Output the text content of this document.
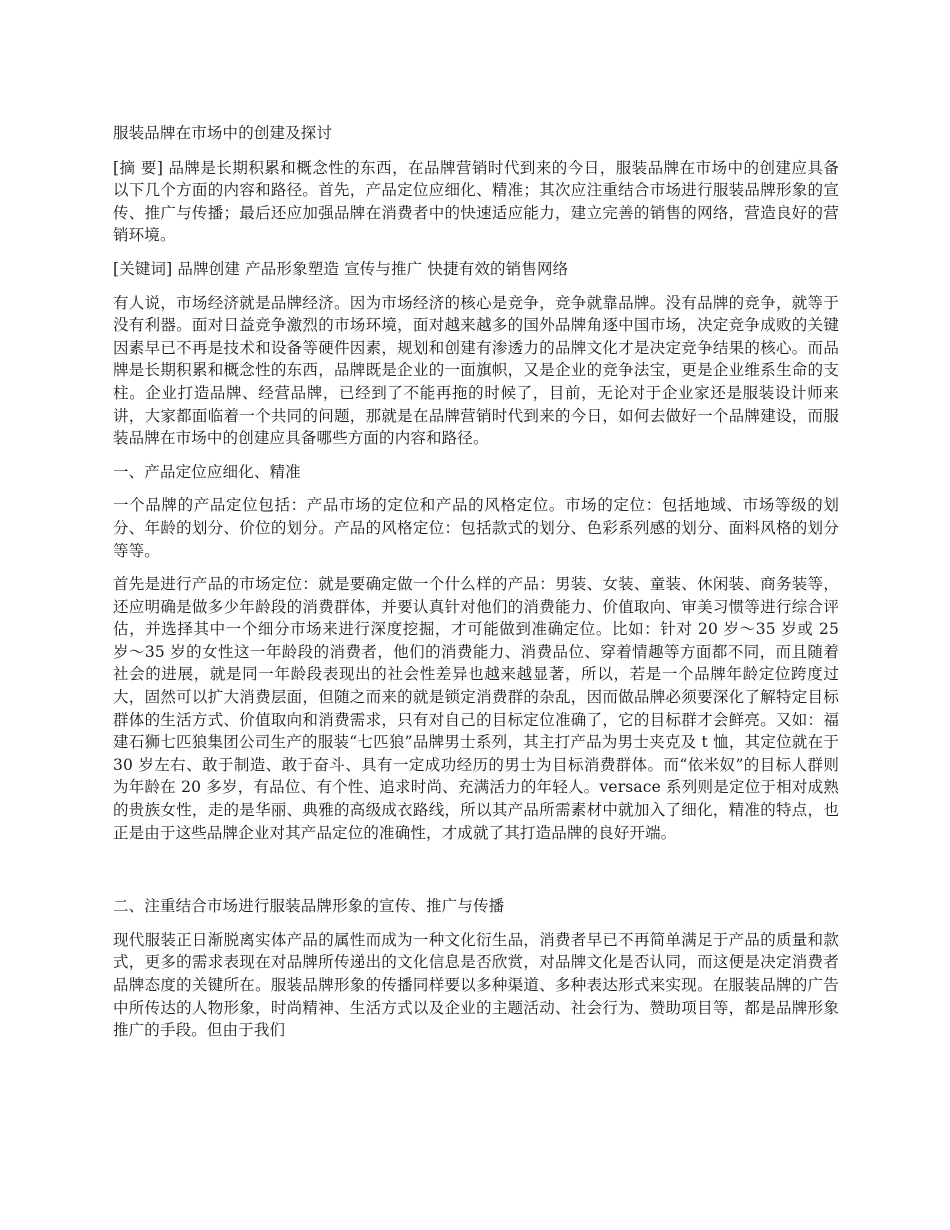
服装品牌在市场中的创建及探讨

[摘 要] 品牌是长期积累和概念性的东西，在品牌营销时代到来的今日，服装品牌在市场中的创建应具备以下几个方面的内容和路径。首先，产品定位应细化、精准；其次应注重结合市场进行服装品牌形象的宣传、推广与传播；最后还应加强品牌在消费者中的快速适应能力，建立完善的销售的网络，营造良好的营销环境。

[关键词] 品牌创建 产品形象塑造 宣传与推广 快捷有效的销售网络

有人说，市场经济就是品牌经济。因为市场经济的核心是竞争，竞争就靠品牌。没有品牌的竞争，就等于没有利器。面对日益竞争激烈的市场环境，面对越来越多的国外品牌角逐中国市场，决定竞争成败的关键因素早已不再是技术和设备等硬件因素，规划和创建有渗透力的品牌文化才是决定竞争结果的核心。而品牌是长期积累和概念性的东西，品牌既是企业的一面旗帜，又是企业的竞争法宝，更是企业维系生命的支柱。企业打造品牌、经营品牌，已经到了不能再拖的时候了，目前，无论对于企业家还是服装设计师来讲，大家都面临着一个共同的问题，那就是在品牌营销时代到来的今日，如何去做好一个品牌建设，而服装品牌在市场中的创建应具备哪些方面的内容和路径。

一、产品定位应细化、精准

一个品牌的产品定位包括：产品市场的定位和产品的风格定位。市场的定位：包括地域、市场等级的划分、年龄的划分、价位的划分。产品的风格定位：包括款式的划分、色彩系列感的划分、面料风格的划分等等。

首先是进行产品的市场定位：就是要确定做一个什么样的产品：男装、女装、童装、休闲装、商务装等，还应明确是做多少年龄段的消费群体，并要认真针对他们的消费能力、价值取向、审美习惯等进行综合评估，并选择其中一个细分市场来进行深度挖掘，才可能做到准确定位。比如：针对 20 岁～35 岁或 25 岁～35 岁的女性这一年龄段的消费者，他们的消费能力、消费品位、穿着情趣等方面都不同，而且随着社会的进展，就是同一年龄段表现出的社会性差异也越来越显著，所以，若是一个品牌年龄定位跨度过大，固然可以扩大消费层面，但随之而来的就是锁定消费群的杂乱，因而做品牌必须要深化了解特定目标群体的生活方式、价值取向和消费需求，只有对自己的目标定位准确了，它的目标群才会鲜亮。又如：福建石狮七匹狼集团公司生产的服装“七匹狼”品牌男士系列，其主打产品为男士夹克及 t 恤，其定位就在于 30 岁左右、敢于制造、敢于奋斗、具有一定成功经历的男士为目标消费群体。而“依米奴”的目标人群则为年龄在 20 多岁，有品位、有个性、追求时尚、充满活力的年轻人。versace 系列则是定位于相对成熟的贵族女性，走的是华丽、典雅的高级成衣路线，所以其产品所需素材中就加入了细化，精准的特点，也正是由于这些品牌企业对其产品定位的准确性，才成就了其打造品牌的良好开端。

二、注重结合市场进行服装品牌形象的宣传、推广与传播

现代服装正日渐脱离实体产品的属性而成为一种文化衍生品，消费者早已不再简单满足于产品的质量和款式，更多的需求表现在对品牌所传递出的文化信息是否欣赏，对品牌文化是否认同，而这便是决定消费者品牌态度的关键所在。服装品牌形象的传播同样要以多种渠道、多种表达形式来实现。在服装品牌的广告中所传达的人物形象，时尚精神、生活方式以及企业的主题活动、社会行为、赞助项目等，都是品牌形象推广的手段。但由于我们
